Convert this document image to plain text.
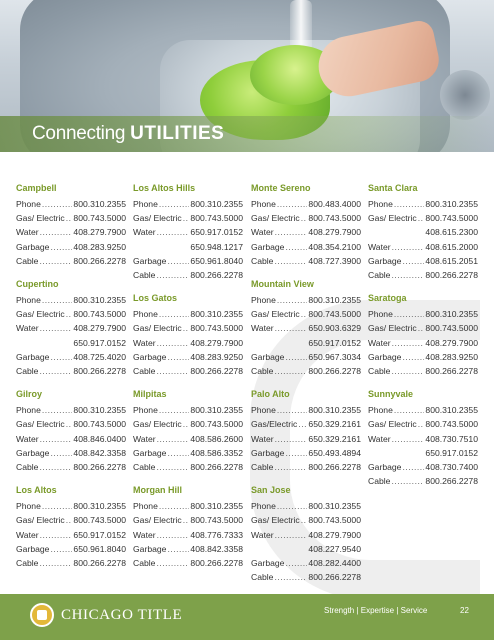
Connecting UTILITIES
Campbell
Phone .....	800.310.2355
Gas/ Electric ..... 800.743.5000
Water .....	408.279.7900
Garbage .....	408.283.9250
Cable .....	800.266.2278
Cupertino
Phone .....	800.310.2355
Gas/ Electric ..... 800.743.5000
Water .....	408.279.7900
650.917.0152
Garbage .....	408.725.4020
Cable .....	800.266.2278
Gilroy
Phone .....	800.310.2355
Gas/ Electric ..... 800.743.5000
Water .....	408.846.0400
Garbage .....	408.842.3358
Cable .....	800.266.2278
Los Altos
Phone .....	800.310.2355
Gas/ Electric ..... 800.743.5000
Water .....	650.917.0152
Garbage .....	650.961.8040
Cable .....	800.266.2278
Los Altos Hills
Phone .....	800.310.2355
Gas/ Electric ..... 800.743.5000
Water .....	650.917.0152
650.948.1217
Garbage .....	650.961.8040
Cable .....	800.266.2278
Los Gatos
Phone .....	800.310.2355
Gas/ Electric ..... 800.743.5000
Water .....	408.279.7900
Garbage .....	408.283.9250
Cable .....	800.266.2278
Milpitas
Phone .....	800.310.2355
Gas/ Electric ..... 800.743.5000
Water .....	408.586.2600
Garbage .....	408.586.3352
Cable .....	800.266.2278
Morgan Hill
Phone .....	800.310.2355
Gas/ Electric ..... 800.743.5000
Water .....	408.776.7333
Garbage .....	408.842.3358
Cable .....	800.266.2278
Monte Sereno
Phone .....	800.483.4000
Gas/ Electric ..... 800.743.5000
Water .....	408.279.7900
Garbage .....	408.354.2100
Cable .....	408.727.3900
Mountain View
Phone .....	800.310.2355
Gas/ Electric ..... 800.743.5000
Water .....	650.903.6329
650.917.0152
Garbage .....	650.967.3034
Cable .....	800.266.2278
Palo Alto
Phone .....	800.310.2355
Gas/Electric ..... 650.329.2161
Water .....	650.329.2161
Garbage .....	650.493.4894
Cable .....	800.266.2278
San Jose
Phone .....	800.310.2355
Gas/ Electric ..... 800.743.5000
Water .....	408.279.7900
408.227.9540
Garbage .....	408.282.4400
Cable .....	800.266.2278
Santa Clara
Phone .....	800.310.2355
Gas/ Electric ..... 800.743.5000
408.615.2300
Water .....	408.615.2000
Garbage .....	408.615.2051
Cable .....	800.266.2278
Saratoga
Phone .....	800.310.2355
Gas/ Electric ..... 800.743.5000
Water .....	408.279.7900
Garbage .....	408.283.9250
Cable .....	800.266.2278
Sunnyvale
Phone .....	800.310.2355
Gas/ Electric ..... 800.743.5000
Water .....	408.730.7510
650.917.0152
Garbage .....	408.730.7400
Cable .....	800.266.2278
CHICAGO TITLE	Strength | Expertise | Service	22
